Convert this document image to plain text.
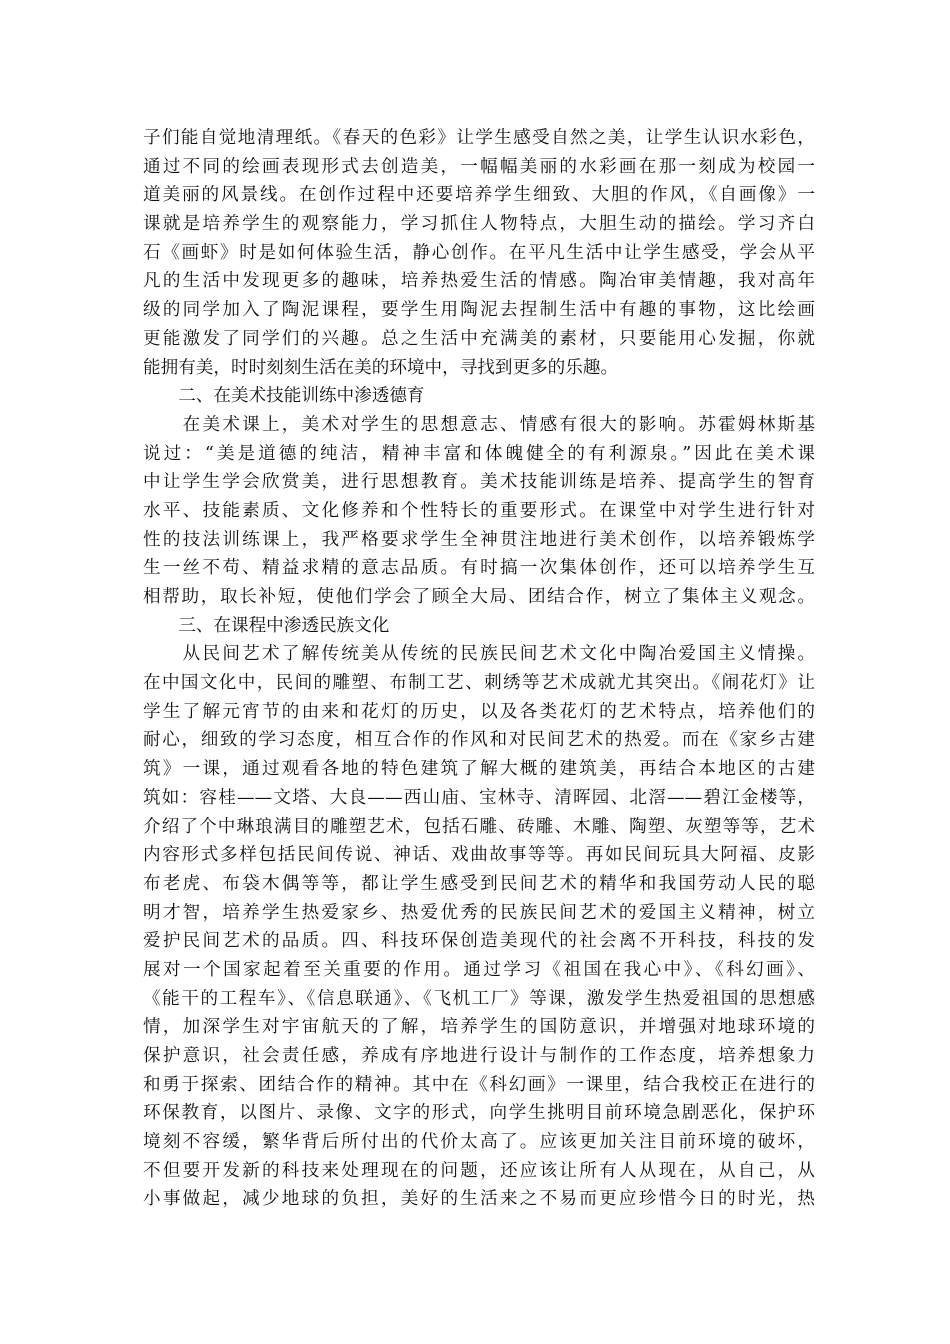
子们能自觉地清理纸。《春天的色彩》让学生感受自然之美，让学生认识水彩色，
通过不同的绘画表现形式去创造美，一幅幅美丽的水彩画在那一刻成为校园一
道美丽的风景线。在创作过程中还要培养学生细致、大胆的作风，《自画像》一
课就是培养学生的观察能力，学习抓住人物特点，大胆生动的描绘。学习齐白
石《画虾》时是如何体验生活，静心创作。在平凡生活中让学生感受，学会从平
凡的生活中发现更多的趣味，培养热爱生活的情感。陶冶审美情趣，我对高年
级的同学加入了陶泥课程，要学生用陶泥去捏制生活中有趣的事物，这比绘画
更能激发了同学们的兴趣。总之生活中充满美的素材，只要能用心发掘，你就
能拥有美，时时刻刻生活在美的环境中，寻找到更多的乐趣。
　　二、在美术技能训练中渗透德育
　　在美术课上，美术对学生的思想意志、情感有很大的影响。苏霍姆林斯基
说过：“美是道德的纯洁，精神丰富和体魄健全的有利源泉。”因此在美术课
中让学生学会欣赏美，进行思想教育。美术技能训练是培养、提高学生的智育
水平、技能素质、文化修养和个性特长的重要形式。在课堂中对学生进行针对
性的技法训练课上，我严格要求学生全神贯注地进行美术创作，以培养锻炼学
生一丝不苟、精益求精的意志品质。有时搞一次集体创作，还可以培养学生互
相帮助，取长补短，使他们学会了顾全大局、团结合作，树立了集体主义观念。
　　三、在课程中渗透民族文化
　　从民间艺术了解传统美从传统的民族民间艺术文化中陶冶爱国主义情操。
在中国文化中，民间的雕塑、布制工艺、刺绣等艺术成就尤其突出。《闹花灯》让
学生了解元宵节的由来和花灯的历史，以及各类花灯的艺术特点，培养他们的
耐心，细致的学习态度，相互合作的作风和对民间艺术的热爱。而在《家乡古建
筑》一课，通过观看各地的特色建筑了解大概的建筑美，再结合本地区的古建
筑如：容桂——文塔、大良——西山庙、宝林寺、清晖园、北滘——碧江金楼等，
介绍了个中琳琅满目的雕塑艺术，包括石雕、砖雕、木雕、陶塑、灰塑等等，艺术
内容形式多样包括民间传说、神话、戏曲故事等等。再如民间玩具大阿福、皮影
布老虎、布袋木偶等等，都让学生感受到民间艺术的精华和我国劳动人民的聪
明才智，培养学生热爱家乡、热爱优秀的民族民间艺术的爱国主义精神，树立
爱护民间艺术的品质。四、科技环保创造美现代的社会离不开科技，科技的发
展对一个国家起着至关重要的作用。通过学习《祖国在我心中》、《科幻画》、
《能干的工程车》、《信息联通》、《飞机工厂》等课，激发学生热爱祖国的思想感
情，加深学生对宇宙航天的了解，培养学生的国防意识，并增强对地球环境的
保护意识，社会责任感，养成有序地进行设计与制作的工作态度，培养想象力
和勇于探索、团结合作的精神。其中在《科幻画》一课里，结合我校正在进行的
环保教育，以图片、录像、文字的形式，向学生挑明目前环境急剧恶化，保护环
境刻不容缓，繁华背后所付出的代价太高了。应该更加关注目前环境的破坏，
不但要开发新的科技来处理现在的问题，还应该让所有人从现在，从自己，从
小事做起，减少地球的负担，美好的生活来之不易而更应珍惜今日的时光，热
